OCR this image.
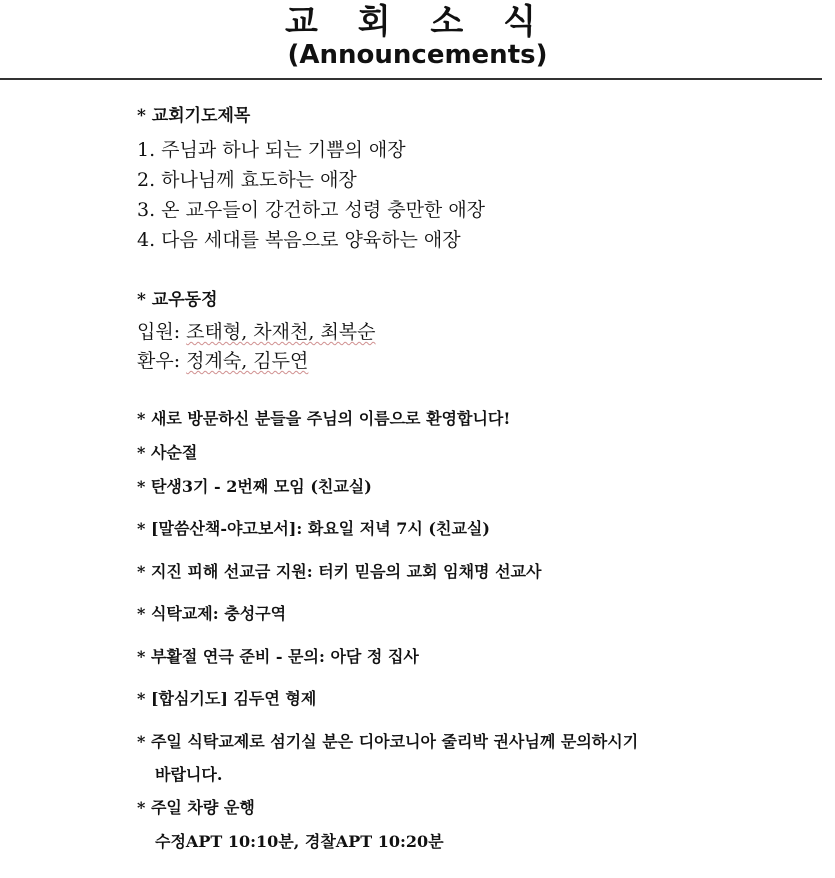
교 회 소 식
(Announcements)
* 교회기도제목
1. 주님과 하나 되는 기쁨의 애장
2. 하나님께 효도하는 애장
3. 온 교우들이 강건하고 성령 충만한 애장
4. 다음 세대를 복음으로 양육하는 애장
* 교우동정
입원: 조태형, 차재천, 최복순
환우: 정계숙, 김두연
* 새로 방문하신 분들을 주님의 이름으로 환영합니다!
* 사순절
* 탄생3기 - 2번째 모임 (친교실)
* [말씀산책-야고보서]: 화요일 저녁 7시 (친교실)
* 지진 피해 선교금 지원: 터키 믿음의 교회 임채명 선교사
* 식탁교제: 충성구역
* 부활절 연극 준비 - 문의: 아담 정 집사
* [합심기도] 김두연 형제
* 주일 식탁교제로 섬기실 분은 디아코니아 줄리박 권사님께 문의하시기
바랍니다.
* 주일 차량 운행
수정APT 10:10분, 경찰APT 10:20분
